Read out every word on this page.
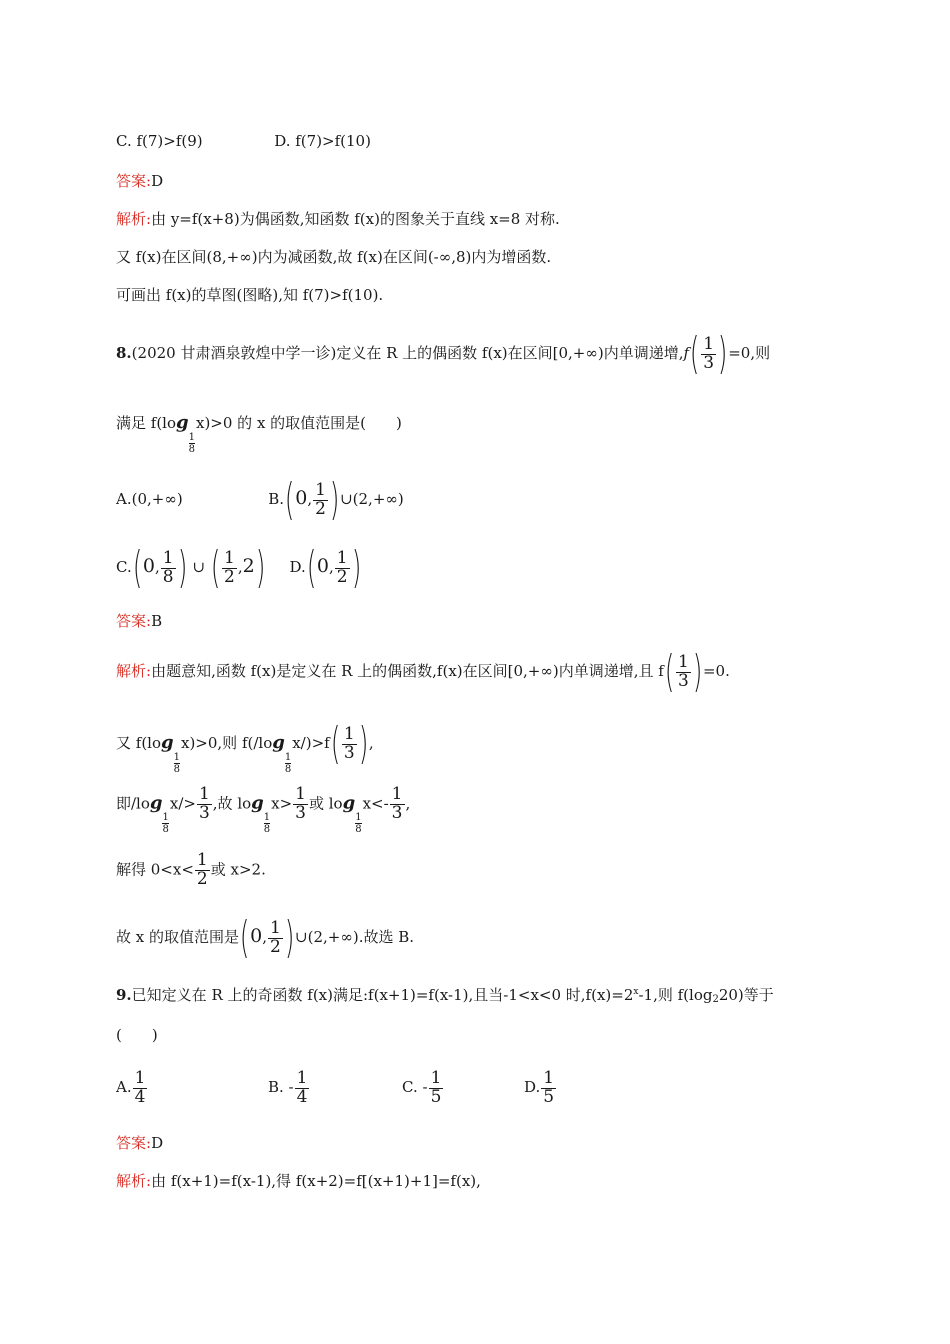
C. f(7)>f(9)	D. f(7)>f(10)
答案:D
解析:由 y=f(x+8)为偶函数,知函数 f(x)的图象关于直线 x=8 对称.
又 f(x)在区间(8,+∞)内为减函数,故 f(x)在区间(-∞,8)内为增函数.
可画出 f(x)的草图(图略),知 f(7)>f(10).
8.(2020 甘肃酒泉敦煌中学一诊)定义在 R 上的偶函数 f(x)在区间[0,+∞)内单调递增$,f( \frac{1}{3} )=0$,则
满足 f(log
$\frac{1}{8}$
x)>0 的 x 的取值范围是(　　)
A.(0,+∞)	B.(0, $\frac{1}{2}$ )∪(2,+∞)
C.(0, $\frac{1}{8}$ ) ∪ ( $\frac{1}{2} ,2$) D.(0, $\frac{1}{2}$ )
答案:B
解析:由题意知,函数 f(x)是定义在 R 上的偶函数,f(x)在区间[0,+∞)内单调递增,且 $f( \frac{1}{3} )=0$.
又 f(log
$\frac{1}{8}$
x)>0,则 f(/log
$\frac{1}{8}$
$x/)>f( \frac{1}{3}$ ),
即/log
$\frac{1}{8}$
$x/> \frac{1}{3}$ ,故 log
$\frac{1}{8}$
$x> \frac{1}{3}$ 或 log
$\frac{1}{8}$
$x<- \frac{1}{3}$ ,
解得 $0<x< \frac{1}{2}$ 或 x>2.
故 x 的取值范围是(0, $\frac{1}{2}$ )∪(2,+∞).故选 B.
9.已知定义在 R 上的奇函数 f(x)满足:f(x+1)=f(x-1),且当-1<x<0 时$,f(x)=2^x-1$,则 f(log220)等于
(　　)
A. $\frac{1}{4}$	B. - $\frac{1}{4}$	C. - $\frac{1}{5}$	D. $\frac{1}{5}$
答案:D
解析:由 f(x+1)=f(x-1),得 f(x+2)=f[(x+1)+1]=f(x),
